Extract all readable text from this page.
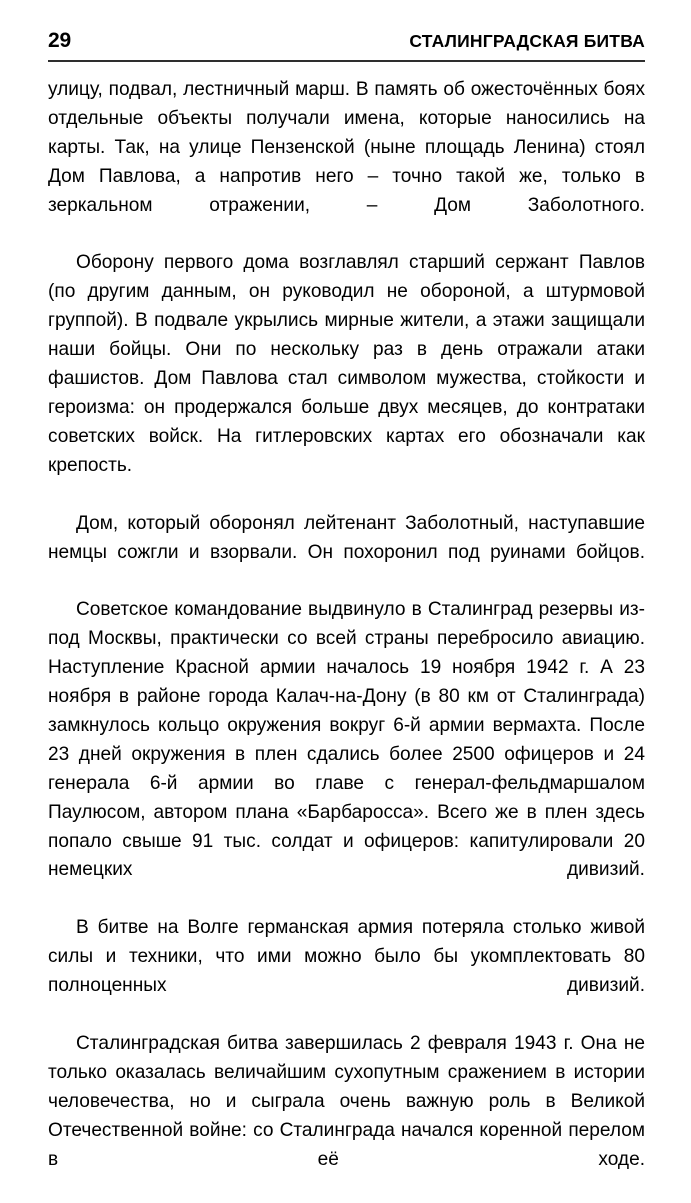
29	СТАЛИНГРАДСКАЯ БИТВА

улицу, подвал, лестничный марш. В память об ожесточённых боях отдельные объекты получали имена, которые наносились на карты. Так, на улице Пензенской (ныне площадь Ленина) стоял Дом Павлова, а напротив него – точно такой же, только в зеркальном отражении, – Дом Заболотного.

Оборону первого дома возглавлял старший сержант Павлов (по другим данным, он руководил не обороной, а штурмовой группой). В подвале укрылись мирные жители, а этажи защищали наши бойцы. Они по нескольку раз в день отражали атаки фашистов. Дом Павлова стал символом мужества, стойкости и героизма: он продержался больше двух месяцев, до контратаки советских войск. На гитлеровских картах его обозначали как крепость.

Дом, который оборонял лейтенант Заболотный, наступавшие немцы сожгли и взорвали. Он похоронил под руинами бойцов.

Советское командование выдвинуло в Сталинград резервы из-под Москвы, практически со всей страны перебросило авиацию. Наступление Красной армии началось 19 ноября 1942 г. А 23 ноября в районе города Калач-на-Дону (в 80 км от Сталинграда) замкнулось кольцо окружения вокруг 6-й армии вермахта. После 23 дней окружения в плен сдались более 2500 офицеров и 24 генерала 6-й армии во главе с генерал-фельдмаршалом Паулюсом, автором плана «Барбаросса». Всего же в плен здесь попало свыше 91 тыс. солдат и офицеров: капитулировали 20 немецких дивизий.

В битве на Волге германская армия потеряла столько живой силы и техники, что ими можно было бы укомплектовать 80 полноценных дивизий.

Сталинградская битва завершилась 2 февраля 1943 г. Она не только оказалась величайшим сухопутным сражением в истории человечества, но и сыграла очень важную роль в Великой Отечественной войне: со Сталинграда начался коренной перелом в её ходе.
